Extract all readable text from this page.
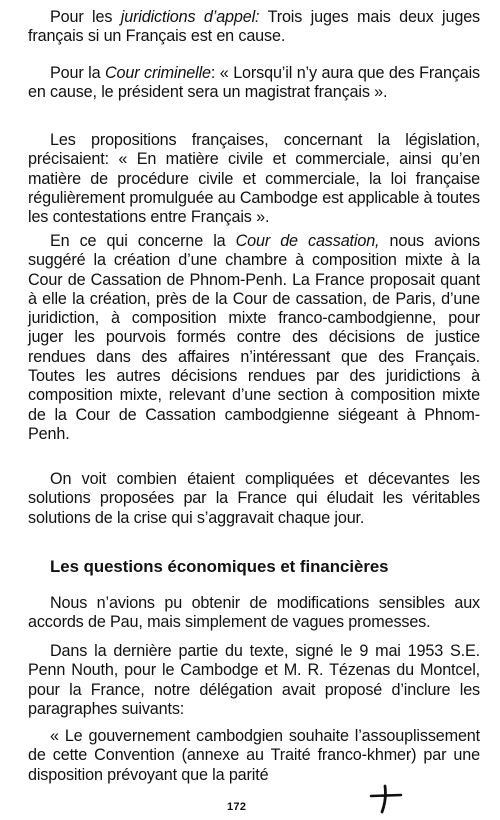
Pour les juridictions d’appel: Trois juges mais deux juges français si un Français est en cause.

Pour la Cour criminelle: « Lorsqu’il n’y aura que des Français en cause, le président sera un magistrat français ».

Les propositions françaises, concernant la législation, précisaient: « En matière civile et commerciale, ainsi qu’en matière de procédure civile et commerciale, la loi française régulièrement promulguée au Cambodge est applicable à toutes les contestations entre Français ».

En ce qui concerne la Cour de cassation, nous avions suggéré la création d’une chambre à composition mixte à la Cour de Cassation de Phnom-Penh. La France proposait quant à elle la création, près de la Cour de cassation, de Paris, d’une juridiction, à composition mixte franco-cambodgienne, pour juger les pourvois formés contre des décisions de justice rendues dans des affaires n’intéressant que des Français. Toutes les autres décisions rendues par des juridictions à composition mixte, relevant d’une section à composition mixte de la Cour de Cassation cambodgienne siégeant à Phnom-Penh.

On voit combien étaient compliquées et décevantes les solutions proposées par la France qui éludait les véritables solutions de la crise qui s’aggravait chaque jour.

Les questions économiques et financières

Nous n’avions pu obtenir de modifications sensibles aux accords de Pau, mais simplement de vagues promesses.

Dans la dernière partie du texte, signé le 9 mai 1953 S.E. Penn Nouth, pour le Cambodge et M. R. Tézenas du Montcel, pour la France, notre délégation avait proposé d’inclure les paragraphes suivants:

« Le gouvernement cambodgien souhaite l’assouplissement de cette Convention (annexe au Traité franco-khmer) par une disposition prévoyant que la parité

172
